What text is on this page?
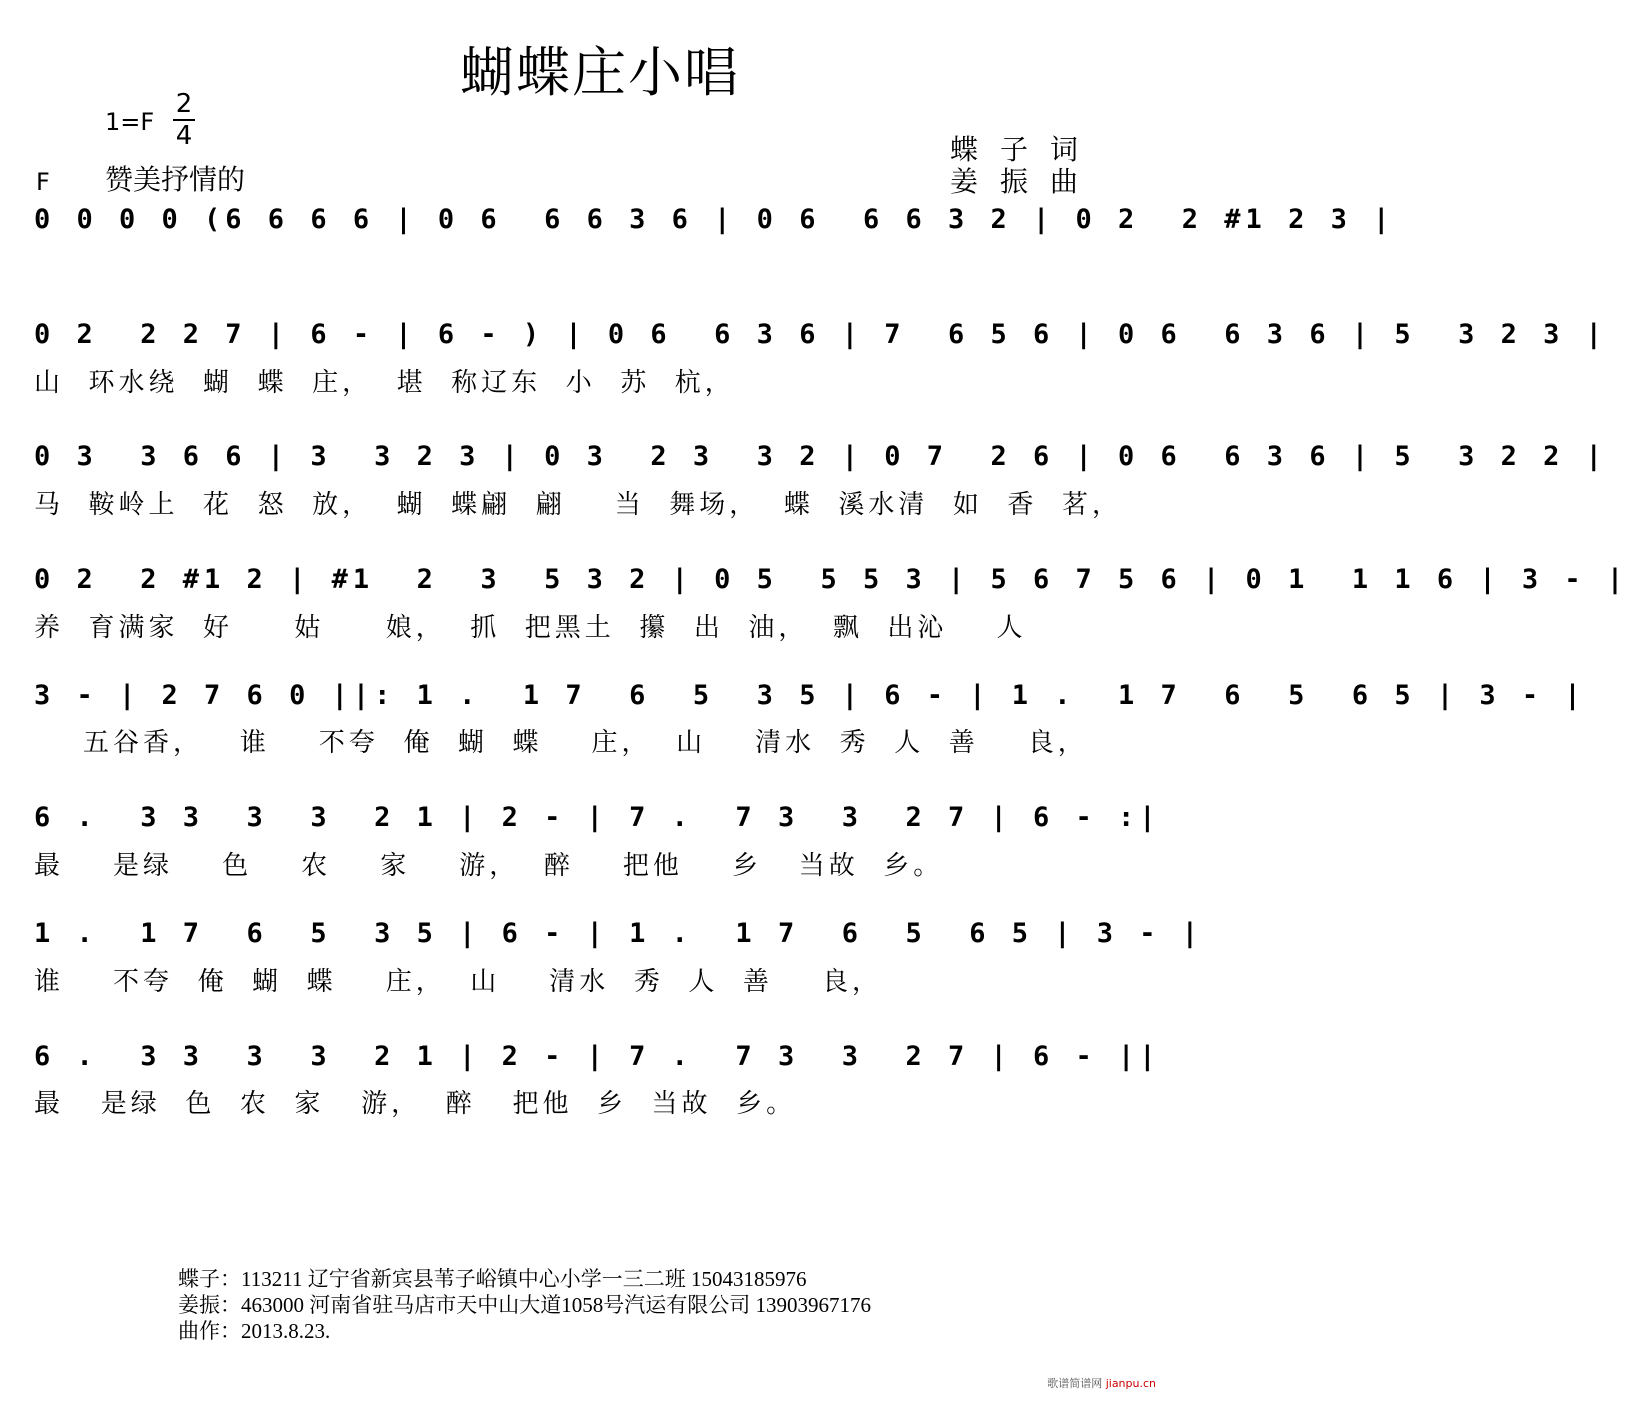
蝴蝶庄小唱
1=F
2
4
F 赞美抒情的
蝶子词
姜振曲
0 0 0 0 (6 6 6 6 | 0 6  6 6 3 6 | 0 6  6 6 3 2 | 0 2  2 #1 2 3 |
0 2  2 2 7 | 6 - | 6 - ) | 0 6  6 3 6 | 7  6 5 6 | 0 6  6 3 6 | 5  3 2 3 |
山  环水绕  蝴  蝶  庄，  堪  称辽东  小  苏  杭，
0 3  3 6 6 | 3  3 2 3 | 0 3  2 3  3 2 | 0 7  2 6 | 0 6  6 3 6 | 5  3 2 2 |
马  鞍岭上  花  怒  放，  蝴  蝶翩  翩    当  舞场，  蝶  溪水清  如  香  茗，
0 2  2 #1 2 | #1  2  3  5 3 2 | 0 5  5 5 3 | 5 6 7 5 6 | 0 1  1 1 6 | 3 - |
养  育满家  好     姑     娘，  抓  把黑土  攥  出  油，  飘  出沁    人
3 - | 2 7 6 0 ||: 1 .  1 7  6  5  3 5 | 6 - | 1 .  1 7  6  5  6 5 | 3 - |
五谷香，   谁    不夸  俺  蝴  蝶    庄，  山    清水  秀  人  善    良，
6 .  3 3  3  3  2 1 | 2 - | 7 .  7 3  3  2 7 | 6 - :|
最    是绿    色    农    家    游，  醉    把他    乡   当故  乡。
1 .  1 7  6  5  3 5 | 6 - | 1 .  1 7  6  5  6 5 | 3 - |
谁    不夸  俺  蝴  蝶    庄，  山    清水  秀  人  善    良，
6 .  3 3  3  3  2 1 | 2 - | 7 .  7 3  3  2 7 | 6 - ||
最   是绿  色  农  家   游，  醉   把他  乡  当故  乡。
蝶子：113211 辽宁省新宾县苇子峪镇中心小学一三二班 15043185976
姜振：463000 河南省驻马店市天中山大道1058号汽运有限公司 13903967176
曲作：2013.8.23.
歌谱简谱网 jianpu.cn
